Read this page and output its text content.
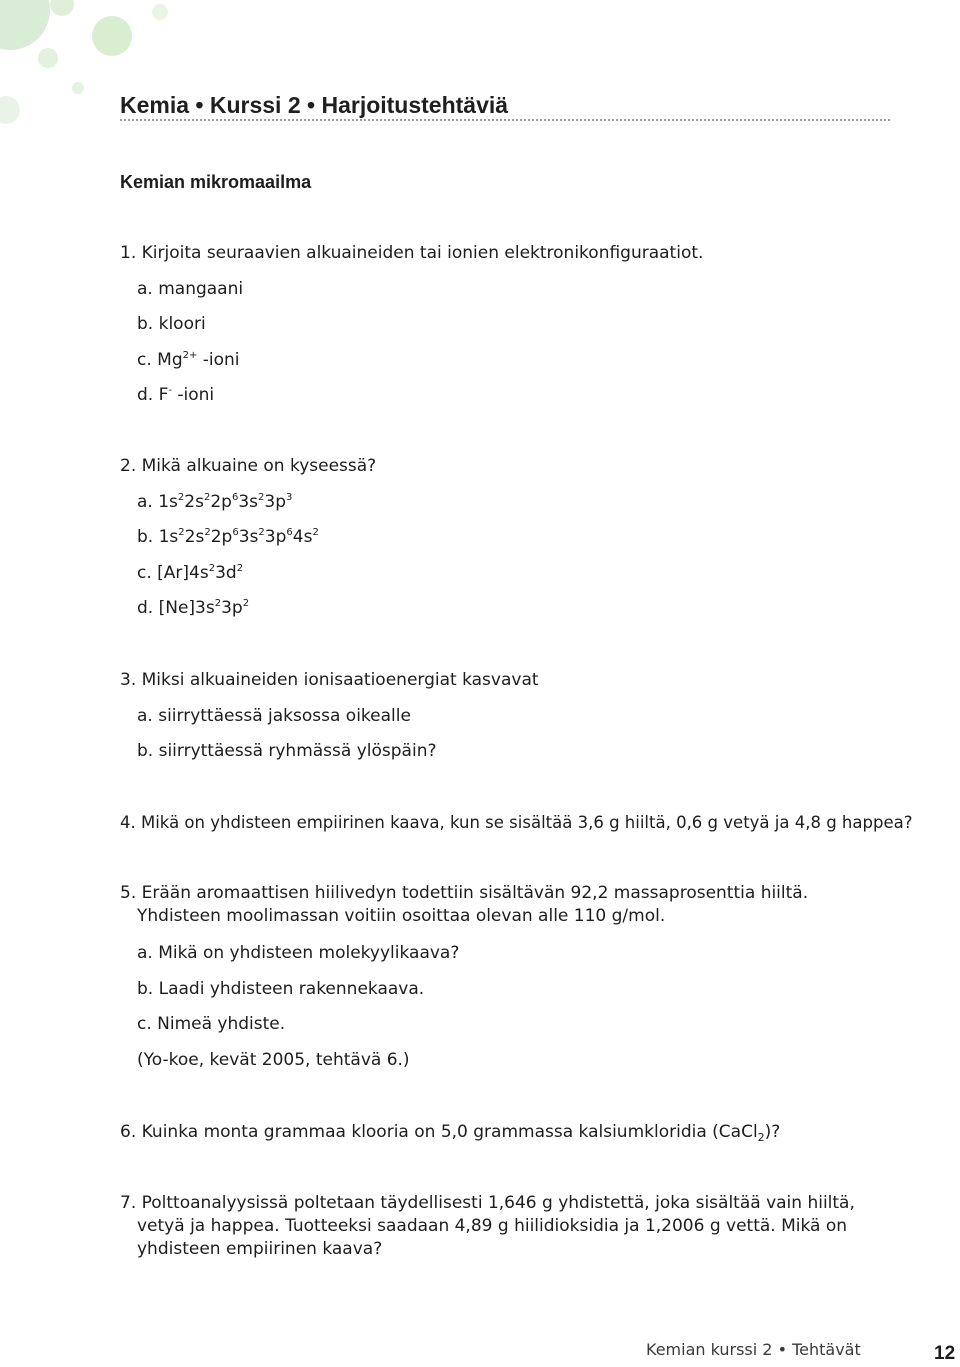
Kemia • Kurssi 2 • Harjoitustehtäviä
Kemian mikromaailma
1. Kirjoita seuraavien alkuaineiden tai ionien elektronikonfiguraatiot.
a. mangaani
b. kloori
c. $Mg^{2+}$ -ioni
d. F- -ioni
2. Mikä alkuaine on kyseessä?
a. $1s^22s^22p^63s^23p^3$
b. $1s^22s^22p^63s^23p^64s^2$
c. $[Ar]4s^23d^2$
d. $[Ne]3s^23p^2$
3. Miksi alkuaineiden ionisaatioenergiat kasvavat
a. siirryttäessä jaksossa oikealle
b. siirryttäessä ryhmässä ylöspäin?
4. Mikä on yhdisteen empiirinen kaava, kun se sisältää 3,6 g hiiltä, 0,6 g vetyä ja 4,8 g happea?
5. Erään aromaattisen hiilivedyn todettiin sisältävän 92,2 massaprosenttia hiiltä. Yhdisteen moolimassan voitiin osoittaa olevan alle 110 g/mol.
a. Mikä on yhdisteen molekyylikaava?
b. Laadi yhdisteen rakennekaava.
c. Nimeä yhdiste.
(Yo-koe, kevät 2005, tehtävä 6.)
6. Kuinka monta grammaa klooria on 5,0 grammassa kalsiumkloridia (CaCl$_2$)?
7. Polttoanalyysissä poltetaan täydellisesti 1,646 g yhdistettä, joka sisältää vain hiiltä, vetyä ja happea. Tuotteeksi saadaan 4,89 g hiilidioksidia ja 1,2006 g vettä. Mikä on yhdisteen empiirinen kaava?
Kemian kurssi 2 • Tehtävät	12
